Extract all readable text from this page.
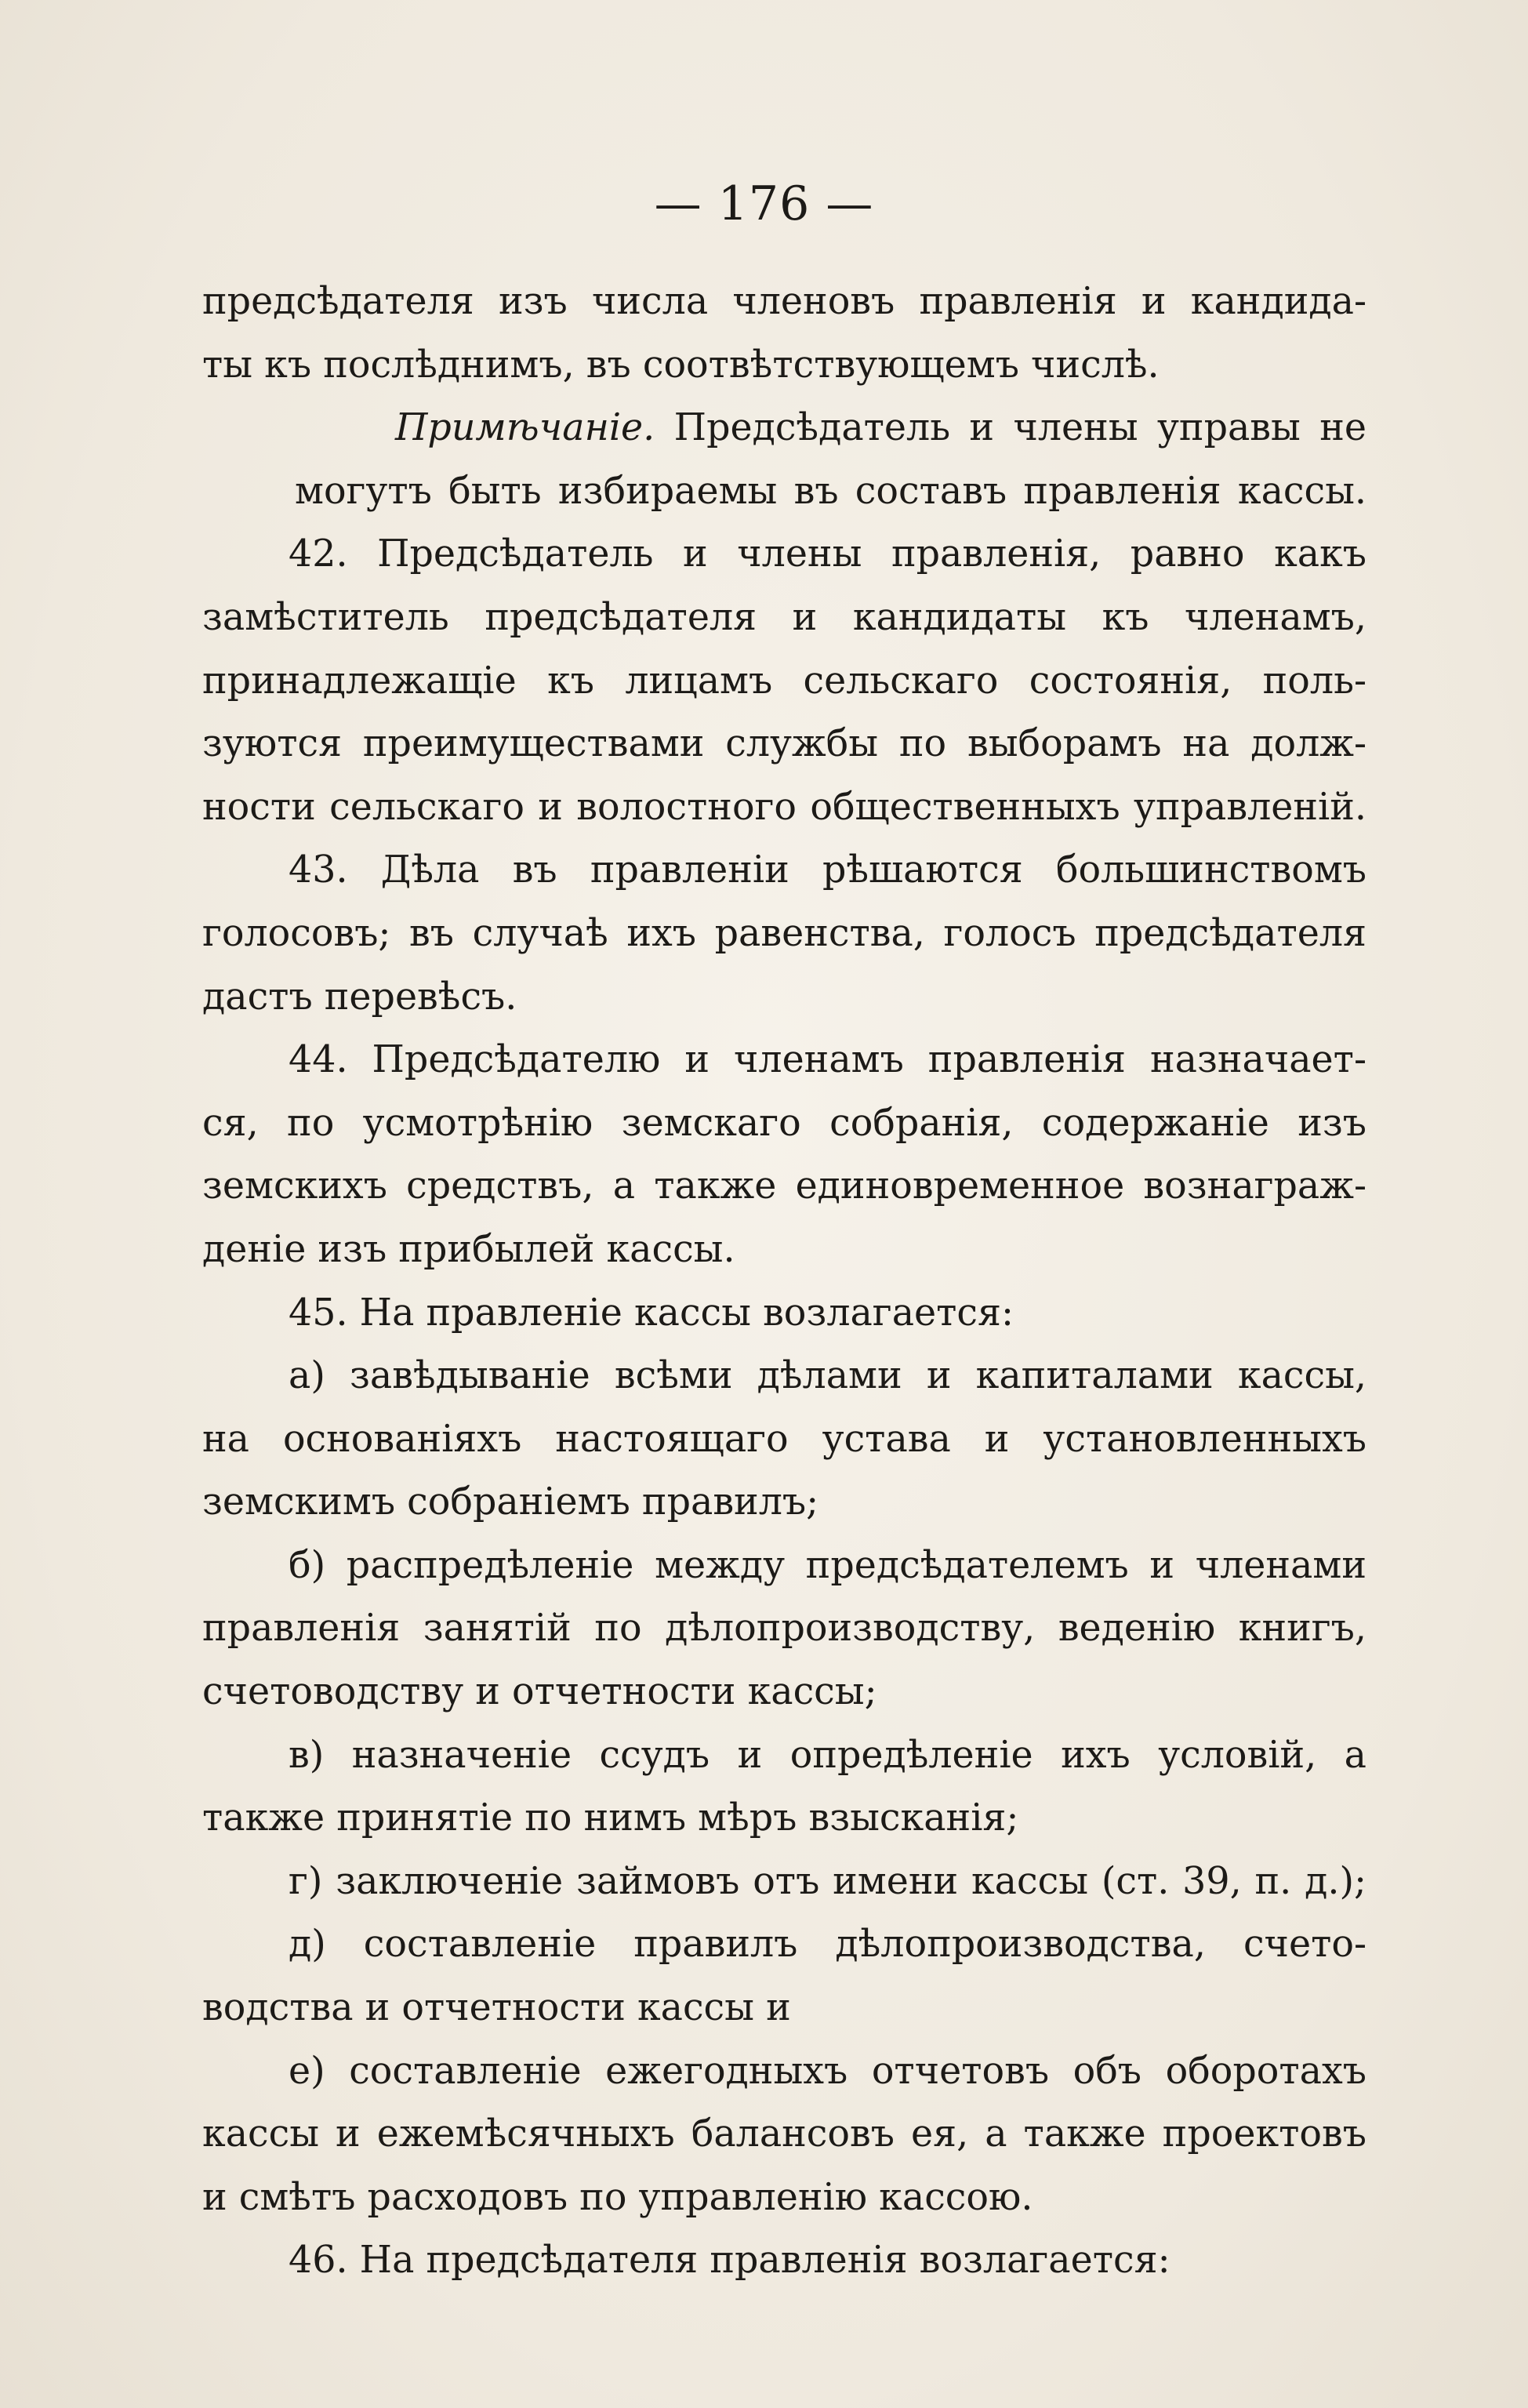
— 176 —
предсѣдателя изъ числа членовъ правленія и кандида-
ты къ послѣднимъ, въ соотвѣтствующемъ числѣ.
Примѣчаніе. Предсѣдатель и члены управы не
могутъ быть избираемы въ составъ правленія кассы.
42. Предсѣдатель и члены правленія, равно какъ
замѣститель предсѣдателя и кандидаты къ членамъ,
принадлежащіе къ лицамъ сельскаго состоянія, поль-
зуются преимуществами службы по выборамъ на долж-
ности сельскаго и волостного общественныхъ управленій.
43. Дѣла въ правленіи рѣшаются большинствомъ
голосовъ; въ случаѣ ихъ равенства, голосъ предсѣдателя
дастъ перевѣсъ.
44. Предсѣдателю и членамъ правленія назначает-
ся, по усмотрѣнію земскаго собранія, содержаніе изъ
земскихъ средствъ, а также единовременное вознаграж-
деніе изъ прибылей кассы.
45. На правленіе кассы возлагается:
а) завѣдываніе всѣми дѣлами и капиталами кассы,
на основаніяхъ настоящаго устава и установленныхъ
земскимъ собраніемъ правилъ;
б) распредѣленіе между предсѣдателемъ и членами
правленія занятій по дѣлопроизводству, веденію книгъ,
счетоводству и отчетности кассы;
в) назначеніе ссудъ и опредѣленіе ихъ условій, а
также принятіе по нимъ мѣръ взысканія;
г) заключеніе займовъ отъ имени кассы (ст. 39, п. д.);
д) составленіе правилъ дѣлопроизводства, счето-
водства и отчетности кассы и
е) составленіе ежегодныхъ отчетовъ объ оборотахъ
кассы и ежемѣсячныхъ балансовъ ея, а также проектовъ
и смѣтъ расходовъ по управленію кассою.
46. На предсѣдателя правленія возлагается:
